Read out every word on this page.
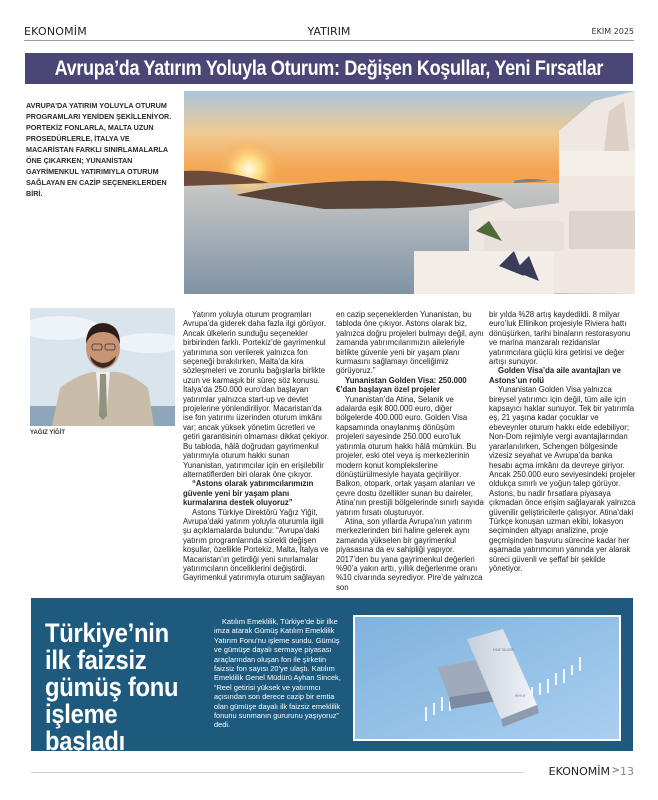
EKONOMİM	YATIRIM	EKİM 2025
Avrupa’da Yatırım Yoluyla Oturum: Değişen Koşullar, Yeni Fırsatlar
AVRUPA'DA YATIRIM YOLUYLA OTURUM PROGRAMLARI YENİDEN ŞEKİLLENİYOR. PORTEKİZ FONLARLA, MALTA UZUN PROSEDÜRLERLE, İTALYA VE MACARİSTAN FARKLI SINIRLAMALARLA ÖNE ÇIKARKEN; YUNANİSTAN GAYRİMENKUL YATIRIMIYLA OTURUM SAĞLAYAN EN CAZİP SEÇENEKLERDEN BİRİ.
YAĞIZ YİĞİT

Yatırım yoluyla oturum programları Avrupa’da giderek daha fazla ilgi görüyor. Ancak ülkelerin sunduğu seçenekler birbirinden farklı. Portekiz’de gayrimenkul yatırımına son verilerek yalnızca fon seçeneği bırakılırken, Malta’da kira sözleşmeleri ve zorunlu bağışlarla birlikte uzun ve karmaşık bir süreç söz konusu. İtalya’da 250.000 euro’dan başlayan yatırımlar yalnızca start-up ve devlet projelerine yönlendiriliyor. Macaristan’da ise fon yatırımı üzerinden oturum imkânı var; ancak yüksek yönetim ücretleri ve getiri garantisinin olmaması dikkat çekiyor. Bu tabloda, hâlâ doğrudan gayrimenkul yatırımıyla oturum hakkı sunan Yunanistan, yatırımcılar için en erişilebilir alternatiflerden biri olarak öne çıkıyor.

“Astons olarak yatırımcılarımızın güvenle yeni bir yaşam planı kurmalarına destek oluyoruz”

Astons Türkiye Direktörü Yağız Yiğit, Avrupa’daki yatırım yoluyla oturumla ilgili şu açıklamalarda bulundu: “Avrupa’daki yatırım programlarında sürekli değişen koşullar, özellikle Portekiz, Malta, İtalya ve Macaristan’ın getirdiği yeni sınırlamalar yatırımcıların önceliklerini değiştirdi. Gayrimenkul yatırımıyla oturum sağlayan

en cazip seçeneklerden Yunanistan, bu tabloda öne çıkıyor. Astons olarak biz, yalnızca doğru projeleri bulmayı değil, aynı zamanda yatırımcılarımızın aileleriyle birlikte güvenle yeni bir yaşam planı kurmasını sağlamayı önceliğimiz görüyoruz.”

Yunanistan Golden Visa: 250.000 €’dan başlayan özel projeler

Yunanistan’da Atina, Selanik ve adalarda eşik 800.000 euro, diğer bölgelerde 400.000 euro. Golden Visa kapsamında onaylanmış dönüşüm projeleri sayesinde 250.000 euro’luk yatırımla oturum hakkı hâlâ mümkün. Bu projeler, eski otel veya iş merkezlerinin modern konut komplekslerine dönüştürülmesiyle hayata geçiriliyor. Balkon, otopark, ortak yaşam alanları ve çevre dostu özellikler sunan bu daireler, Atina’nın prestijli bölgelerinde sınırlı sayıda yatırım fırsatı oluşturuyor.

Atina, son yıllarda Avrupa’nın yatırım merkezlerinden biri haline gelerek aynı zamanda yükselen bir gayrimenkul piyasasına da ev sahipliği yapıyor. 2017’den bu yana gayrimenkul değerleri %90’a yakın arttı, yıllık değerlenme oranı %10 civarında seyrediyor. Pire’de yalnızca son

bir yılda %28 artış kaydedildi. 8 milyar euro’luk Ellinikon projesiyle Riviera hattı dönüşürken, tarihi binaların restorasyonu ve marina manzaralı rezidanslar yatırımcılara güçlü kira getirisi ve değer artışı sunuyor.

Golden Visa’da aile avantajları ve Astons’un rolü

Yunanistan Golden Visa yalnızca bireysel yatırımcı için değil, tüm aile için kapsayıcı haklar sunuyor. Tek bir yatırımla eş, 21 yaşına kadar çocuklar ve ebeveynler oturum hakkı elde edebiliyor; Non-Dom rejimiyle vergi avantajlarından yararlanılırken, Schengen bölgesinde vizesiz seyahat ve Avrupa’da banka hesabı açma imkânı da devreye giriyor. Ancak 250.000 euro seviyesindeki projeler oldukça sınırlı ve yoğun talep görüyor. Astons, bu nadir fırsatlara piyasaya çıkmadan önce erişim sağlayarak yalnızca güvenilir geliştiricilerle çalışıyor. Atina’daki Türkçe konuşan uzman ekibi, lokasyon seçiminden altyapı analizine, proje geçmişinden başvuru sürecine kadar her aşamada yatırımcının yanında yer alarak süreci güvenli ve şeffaf bir şekilde yönetiyor.

Türkiye’nin ilk faizsiz gümüş fonu işleme başladı
Katılım Emeklilik, Türkiye’de bir ilke imza atarak Gümüş Katılım Emeklilik Yatırım Fonu’nu işleme sundu. Gümüş ve gümüşe dayalı sermaye piyasası araçlarından oluşan fon ile şirketin faizsiz fon sayısı 20’ye ulaştı. Katılım Emeklilik Genel Müdürü Ayhan Sincek, “Reel getirisi yüksek ve yatırımcı açısından son derece cazip bir emtia olan gümüşe dayalı ilk faizsiz emeklilik fonunu sunmanın gururunu yaşıyoruz” dedi.
FINE SILVER
999.9
EKONOMİM > 13
